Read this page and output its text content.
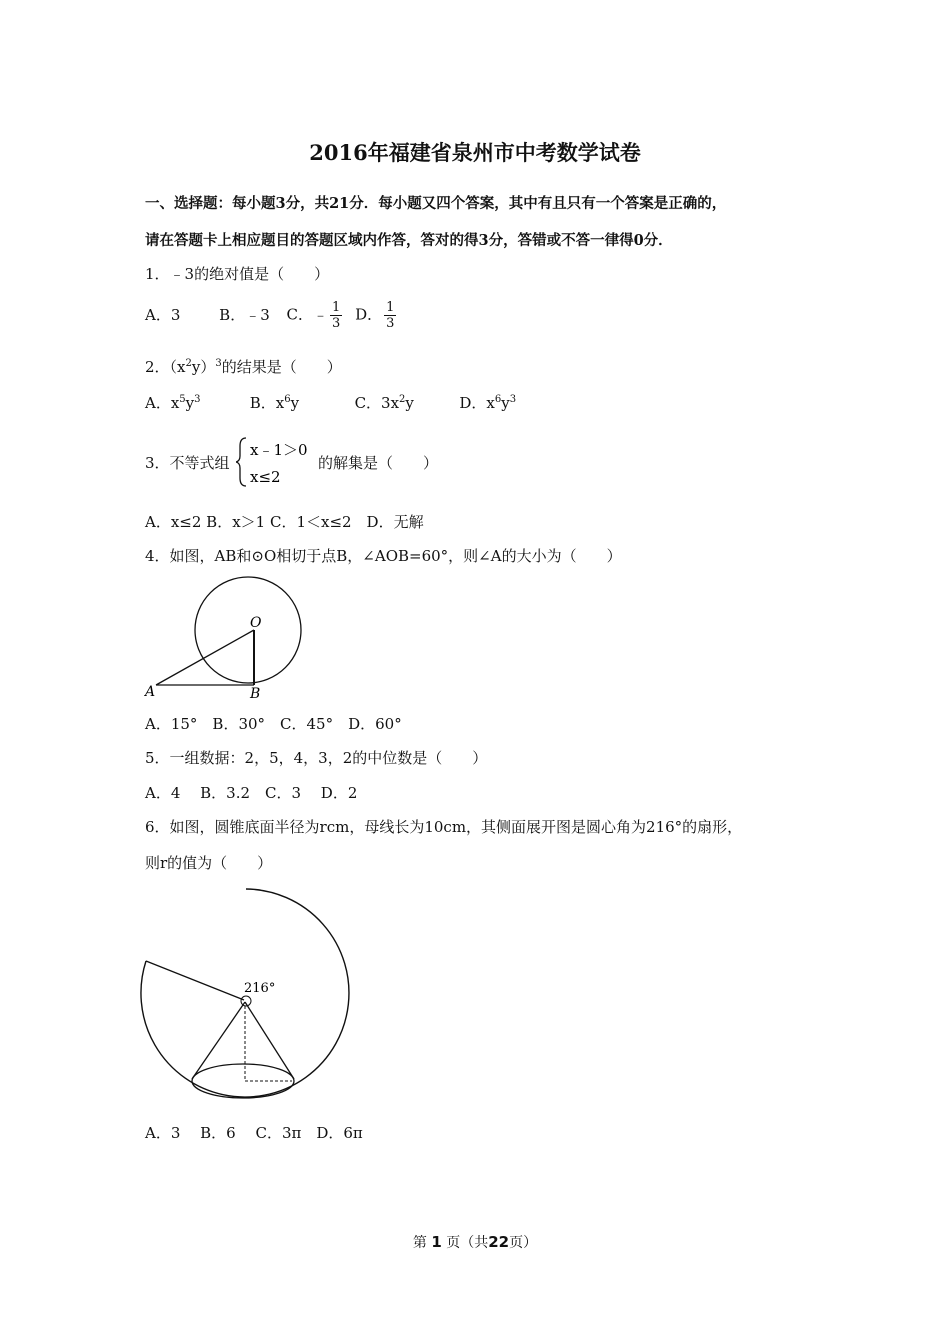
2016年福建省泉州市中考数学试卷
一、选择题：每小题3分，共21分．每小题又四个答案，其中有且只有一个答案是正确的，
请在答题卡上相应题目的答题区域内作答，答对的得3分，答错或不答一律得0分．
1．﹣3的绝对值是（　　）
A．3	B．﹣3 C．﹣ $\frac{1}{3}$ D． $\frac{1}{3}$
2．$(x^2y)^3$的结果是（　　）
A．$x^5y^3$	B．$x^6y$	C．$3x^2y$	D．$x^6y^3$
3．不等式组
x﹣1＞0
x≤2
的解集是（　　）
A．x≤2 B．x＞1 C．1＜x≤2　D．无解
4．如图，AB和⊙O相切于点B，∠AOB=60°，则∠A的大小为（　　）
O
A	B
A．15°　B．30°　C．45°　D．60°
5．一组数据：2，5，4，3，2的中位数是（　　）
A．4　 B．3.2　C．3　 D．2
6．如图，圆锥底面半径为rcm，母线长为10cm，其侧面展开图是圆心角为216°的扇形，
则r的值为（　　）
216°
A．3　 B．6　 C．3π　D．6π
第 1 页（共22页）
